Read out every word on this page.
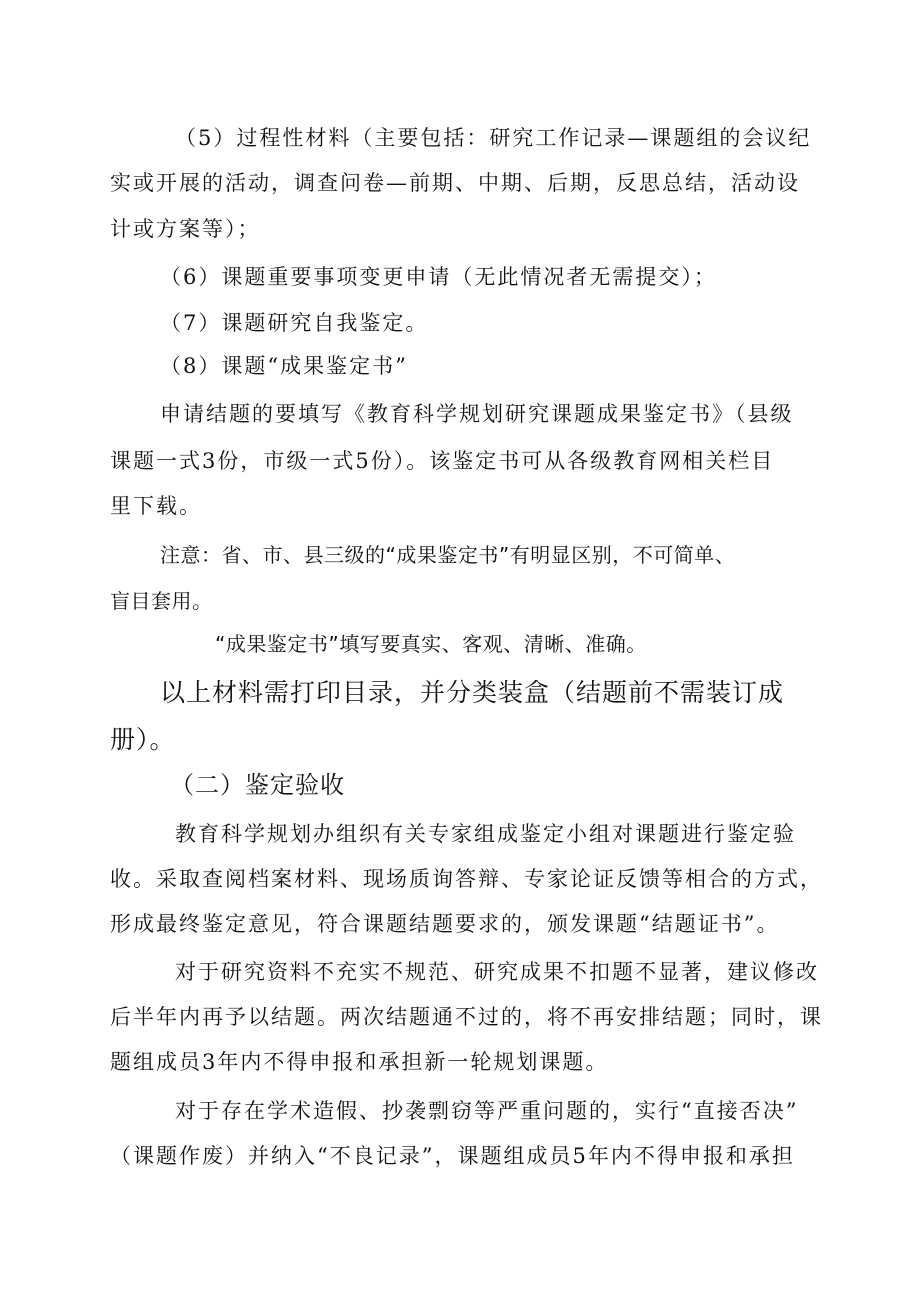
（5）过程性材料（主要包括：研究工作记录—课题组的会议纪
实或开展的活动，调查问卷—前期、中期、后期，反思总结，活动设
计或方案等）；
（6）课题重要事项变更申请（无此情况者无需提交）；
（7）课题研究自我鉴定。
（8）课题“成果鉴定书”
申请结题的要填写《教育科学规划研究课题成果鉴定书》（县级
课题一式3份，市级一式5份）。该鉴定书可从各级教育网相关栏目
里下载。
注意：省、市、县三级的“成果鉴定书”有明显区别，不可简单、
盲目套用。
“成果鉴定书”填写要真实、客观、清晰、准确。
以上材料需打印目录，并分类装盒（结题前不需装订成
册）。
（二）鉴定验收
教育科学规划办组织有关专家组成鉴定小组对课题进行鉴定验
收。采取查阅档案材料、现场质询答辩、专家论证反馈等相合的方式，
形成最终鉴定意见，符合课题结题要求的，颁发课题“结题证书”。
对于研究资料不充实不规范、研究成果不扣题不显著，建议修改
后半年内再予以结题。两次结题通不过的，将不再安排结题；同时，课
题组成员3年内不得申报和承担新一轮规划课题。
对于存在学术造假、抄袭剽窃等严重问题的，实行“直接否决”
（课题作废）并纳入“不良记录”，课题组成员5年内不得申报和承担
